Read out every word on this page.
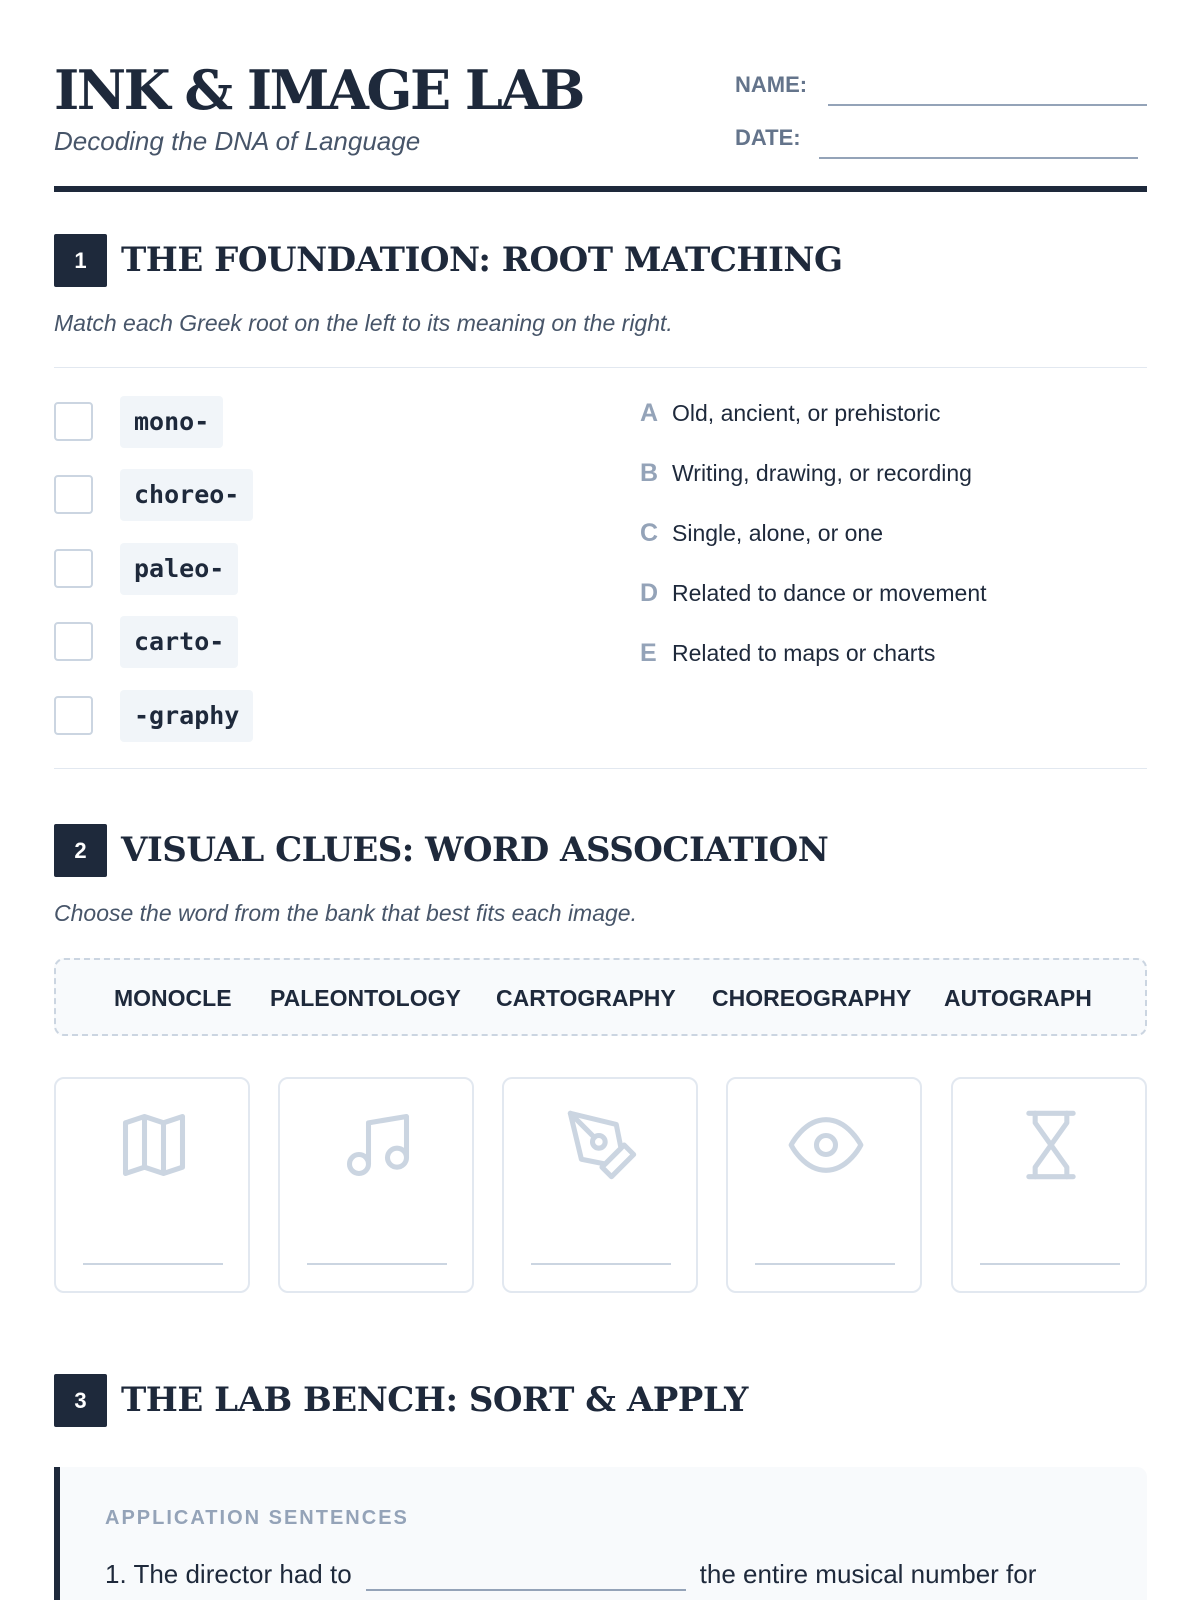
INK & IMAGE LAB
Decoding the DNA of Language
NAME:
DATE:
1	THE FOUNDATION: ROOT MATCHING
Match each Greek root on the left to its meaning on the right.
mono-
choreo-
paleo-
carto-
-graphy
A Old, ancient, or prehistoric
B Writing, drawing, or recording
C Single, alone, or one
D Related to dance or movement
E Related to maps or charts
2	VISUAL CLUES: WORD ASSOCIATION
Choose the word from the bank that best fits each image.
MONOCLE PALEONTOLOGY CARTOGRAPHY CHOREOGRAPHY AUTOGRAPH
3	THE LAB BENCH: SORT & APPLY
APPLICATION SENTENCES
1. The director had to	the entire musical number for
